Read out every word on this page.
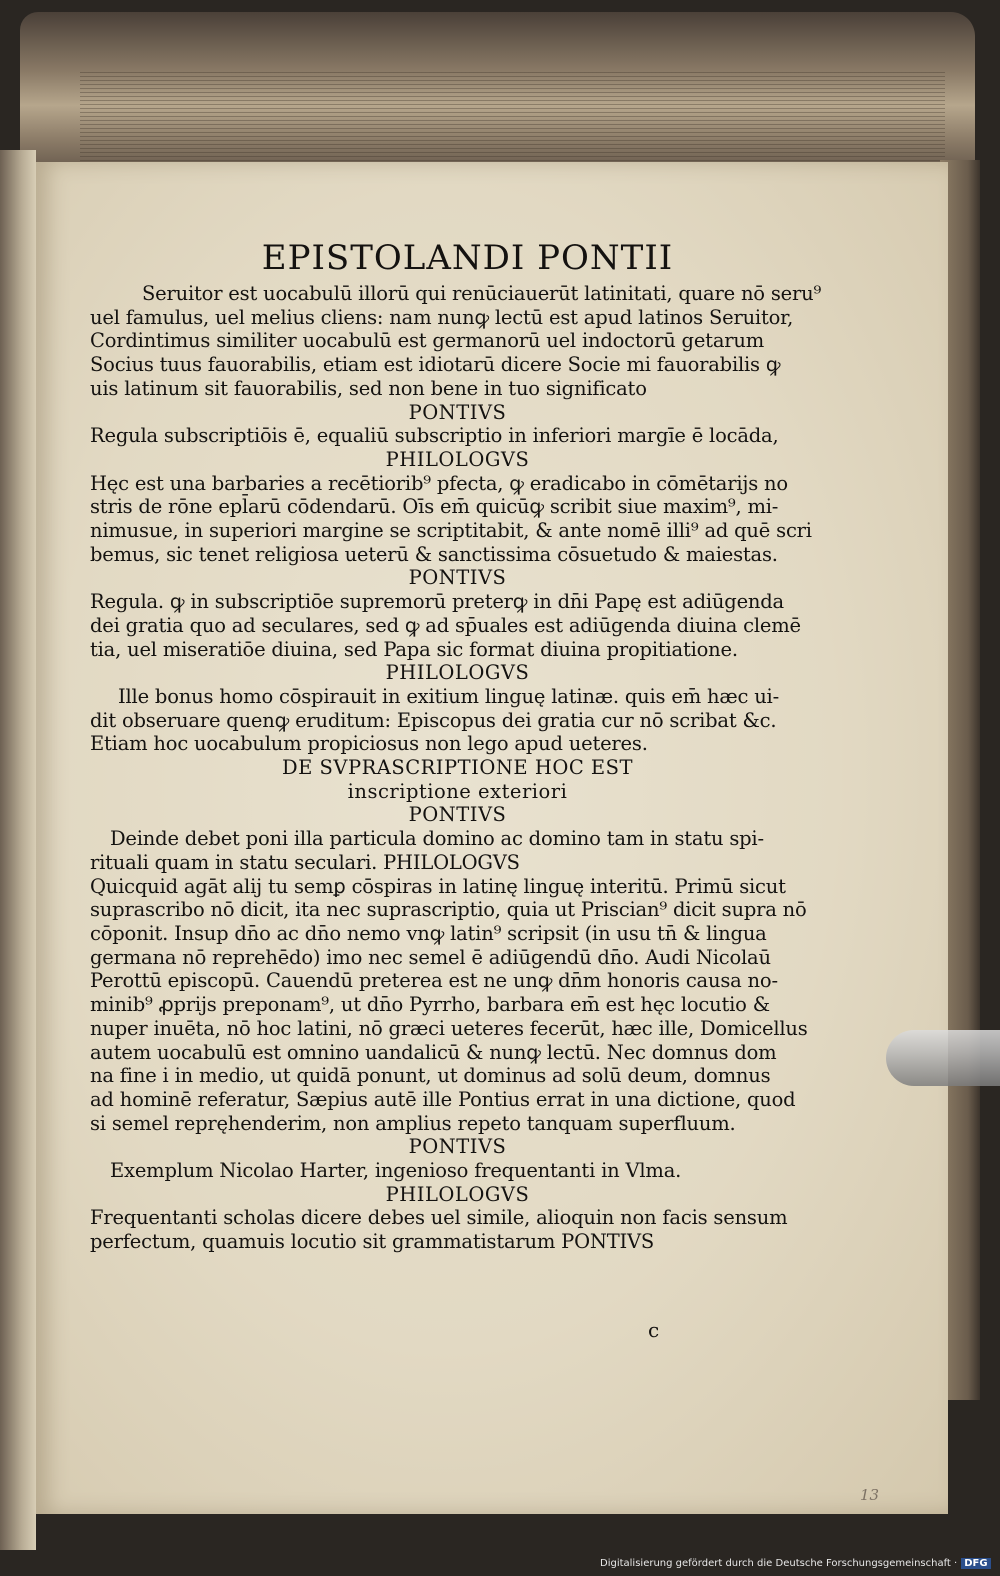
EPISTOLANDI PONTII
Seruitor est uocabulū illorū qui renūciauerūt latinitati, quare nō seru⁹
uel famulus, uel melius cliens: nam nunꝙ lectū est apud latinos Seruitor,
Cordintimus similiter uocabulū est germanorū uel indoctorū getarum
Socius tuus fauorabilis, etiam est idiotarū dicere Socie mi fauorabilis ꝙ
uis latinum sit fauorabilis, sed non bene in tuo significato
PONTIVS
Regula subscriptiōis ē, equaliū subscriptio in inferiori margīe ē locāda,
PHILOLOGVS
Hęc est una barbaries a recētiorib⁹ pfecta, ꝙ eradicabo in cōmētarijs no
stris de rōne epl̄arū cōdendarū. Oīs em̄ quicūꝙ scribit siue maxim⁹, mi-
nimusue, in superiori margine se scriptitabit, & ante nomē illi⁹ ad quē scri
bemus, sic tenet religiosa ueterū & sanctissima cōsuetudo & maiestas.
PONTIVS
Regula. ꝙ in subscriptiōe supremorū preterꝙ in dn̄i Papę est adiūgenda
dei gratia quo ad seculares, sed ꝙ ad sp̄uales est adiūgenda diuina clemē
tia, uel miseratiōe diuina, sed Papa sic format diuina propitiatione.
PHILOLOGVS
Ille bonus homo cōspirauit in exitium linguę latinæ. quis em̄ hæc ui-
dit obseruare quenꝙ eruditum: Episcopus dei gratia cur nō scribat &c.
Etiam hoc uocabulum propiciosus non lego apud ueteres.
DE SVPRASCRIPTIONE HOC EST
inscriptione exteriori
PONTIVS
Deinde debet poni illa particula domino ac domino tam in statu spi-
rituali quam in statu seculari. PHILOLOGVS
Quicquid agāt alij tu semꝑ cōspiras in latinę linguę interitū. Primū sicut
suprascribo nō dicit, ita nec suprascriptio, quia ut Priscian⁹ dicit supra nō
cōponit. Insup dn̄o ac dn̄o nemo vnꝙ latin⁹ scripsit (in usu tn̄ & lingua
germana nō reprehēdo) imo nec semel ē adiūgendū dn̄o. Audi Nicolaū
Perottū episcopū. Cauendū preterea est ne unꝙ dn̄m honoris causa no-
minib⁹ ꝓprijs preponam⁹, ut dn̄o Pyrrho, barbara em̄ est hęc locutio &
nuper inuēta, nō hoc latini, nō græci ueteres fecerūt, hæc ille, Domicellus
autem uocabulū est omnino uandalicū & nunꝙ lectū. Nec domnus dom
na fine i in medio, ut quidā ponunt, ut dominus ad solū deum, domnus
ad hominē referatur, Sæpius autē ille Pontius errat in una dictione, quod
si semel repręhenderim, non amplius repeto tanquam superfluum.
PONTIVS
Exemplum Nicolao Harter, ingenioso frequentanti in Vlma.
PHILOLOGVS
Frequentanti scholas dicere debes uel simile, alioquin non facis sensum
perfectum, quamuis locutio sit grammatistarum PONTIVS
c
13
Digitalisierung gefördert durch die Deutsche Forschungsgemeinschaft · DFG
